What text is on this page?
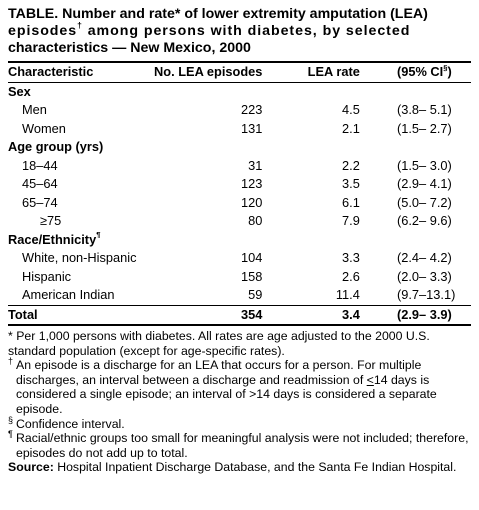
TABLE. Number and rate* of lower extremity amputation (LEA)
episodes† among persons with diabetes, by selected
characteristics — New Mexico, 2000
Characteristic	No. LEA episodes	LEA rate	(95% CI§)

Sex			
Men	223	4.5	(3.8– 5.1)
Women	131	2.1	(1.5– 2.7)
Age group (yrs)			
18–44	31	2.2	(1.5– 3.0)
45–64	123	3.5	(2.9– 4.1)
65–74	120	6.1	(5.0– 7.2)
≥75	80	7.9	(6.2– 9.6)
Race/Ethnicity¶
White, non-Hispanic	104	3.3	(2.4– 4.2)
Hispanic	158	2.6	(2.0– 3.3)
American Indian	59	11.4	(9.7–13.1)

Total	354	3.4	(2.9– 3.9)
* Per 1,000 persons with diabetes. All rates are age adjusted to the 2000 U.S. standard population (except for age-specific rates).
† An episode is a discharge for an LEA that occurs for a person. For multiple discharges, an interval between a discharge and readmission of ≤14 days is considered a single episode; an interval of >14 days is considered a separate episode.
§ Confidence interval.
¶ Racial/ethnic groups too small for meaningful analysis were not included; therefore, episodes do not add up to total.
Source: Hospital Inpatient Discharge Database, and the Santa Fe Indian Hospital.
